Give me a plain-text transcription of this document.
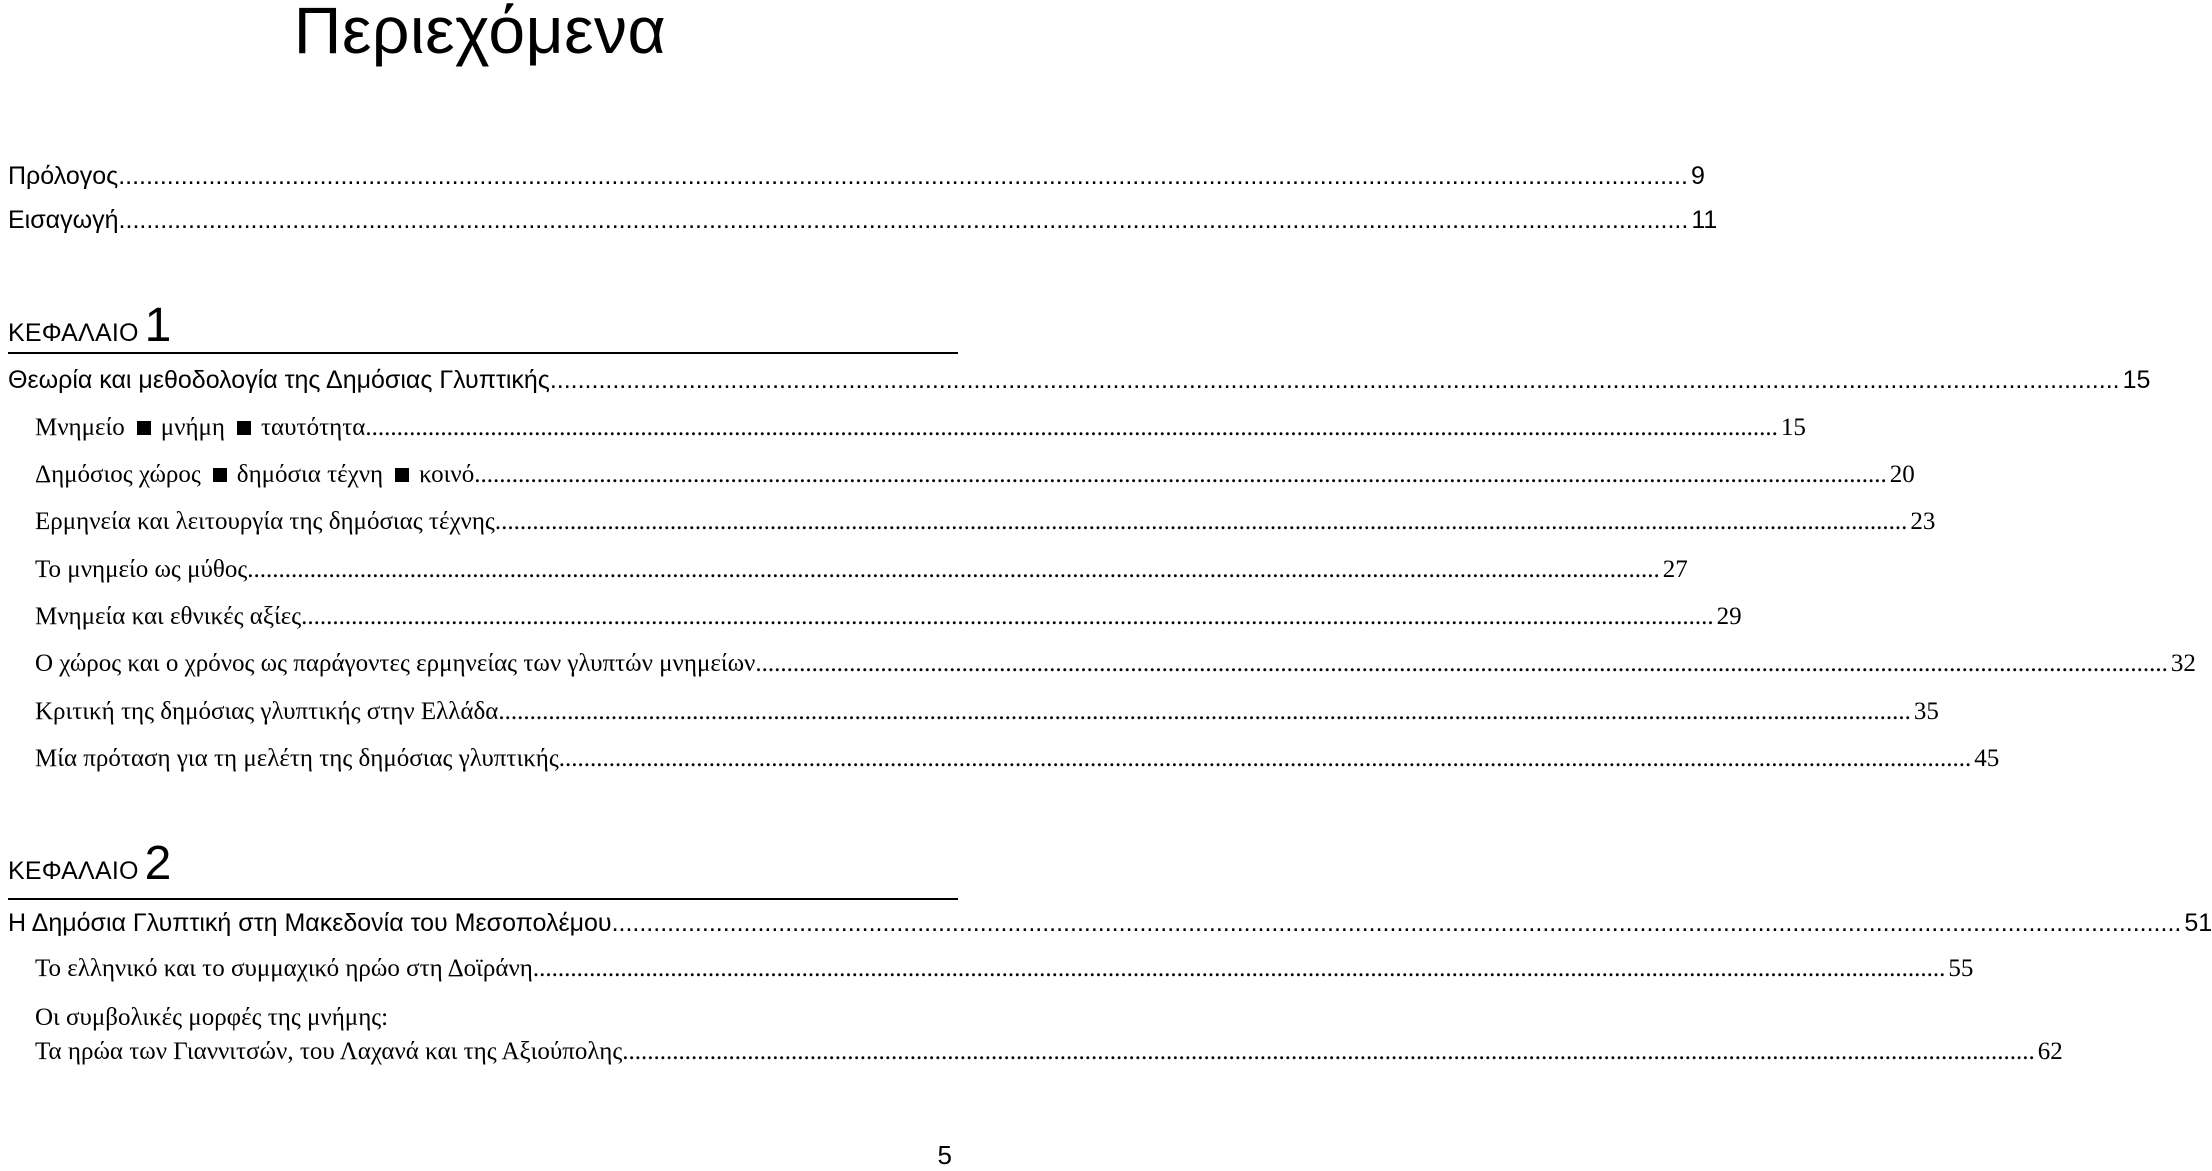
Περιεχόμενα
Πρόλογος .................................................................................................................................................................................................................................. 9
Εισαγωγή .................................................................................................................................................................................................................................. 11
ΚΕΦΑΛΑΙΟ 1
Θεωρία και μεθοδολογία της Δημόσιας Γλυπτικής .................................................................................................................................................................................................................................. 15
Μνημείο μνήμη ταυτότητα .................................................................................................................................................................................................................................. 15
Δημόσιος χώρος δημόσια τέχνη κοινό .................................................................................................................................................................................................................................. 20
Ερμηνεία και λειτουργία της δημόσιας τέχνης .................................................................................................................................................................................................................................. 23
Το μνημείο ως μύθος .................................................................................................................................................................................................................................. 27
Μνημεία και εθνικές αξίες .................................................................................................................................................................................................................................. 29
Ο χώρος και ο χρόνος ως παράγοντες ερμηνείας των γλυπτών μνημείων .................................................................................................................................................................................................................................. 32
Κριτική της δημόσιας γλυπτικής στην Ελλάδα .................................................................................................................................................................................................................................. 35
Μία πρόταση για τη μελέτη της δημόσιας γλυπτικής .................................................................................................................................................................................................................................. 45
ΚΕΦΑΛΑΙΟ 2
Η Δημόσια Γλυπτική στη Μακεδονία του Μεσοπολέμου .................................................................................................................................................................................................................................. 51
Το ελληνικό και το συμμαχικό ηρώο στη Δοϊράνη .................................................................................................................................................................................................................................. 55
Οι συμβολικές μορφές της μνήμης:
Τα ηρώα των Γιαννιτσών, του Λαχανά και της Αξιούπολης .................................................................................................................................................................................................................................. 62
5
